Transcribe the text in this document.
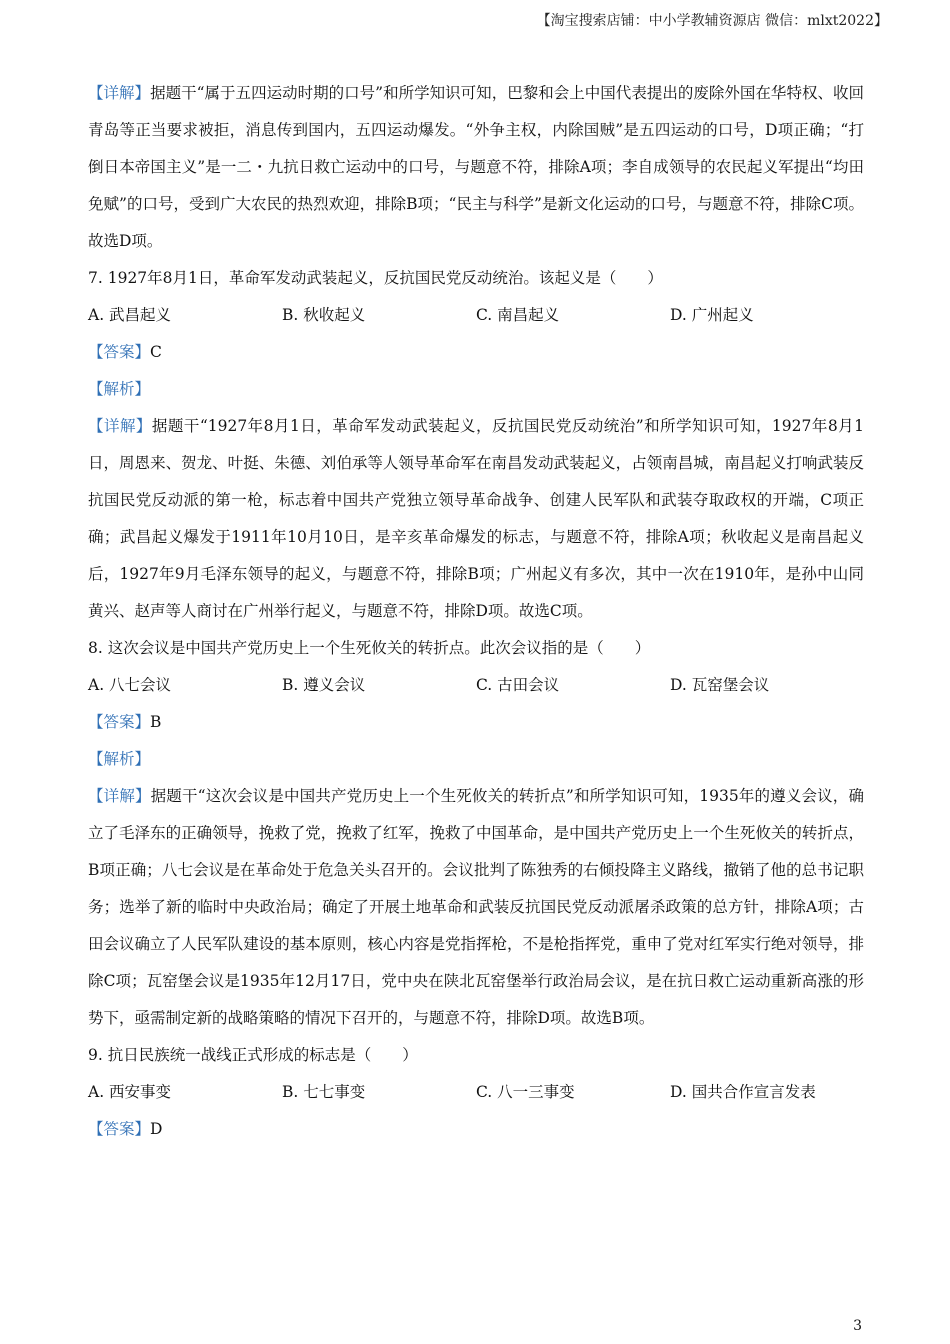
【淘宝搜索店铺：中小学教辅资源店 微信：mlxt2022】

【详解】据题干“属于五四运动时期的口号”和所学知识可知，巴黎和会上中国代表提出的废除外国在华特权、收回青岛等正当要求被拒，消息传到国内，五四运动爆发。“外争主权，内除国贼”是五四运动的口号，D项正确；“打倒日本帝国主义”是一二・九抗日救亡运动中的口号，与题意不符，排除A项；李自成领导的农民起义军提出“均田免赋”的口号，受到广大农民的热烈欢迎，排除B项；“民主与科学”是新文化运动的口号，与题意不符，排除C项。故选D项。

7. 1927年8月1日，革命军发动武装起义，反抗国民党反动统治。该起义是（　　）
A. 武昌起义	B. 秋收起义	C. 南昌起义	D. 广州起义
【答案】C
【解析】

【详解】据题干“1927年8月1日，革命军发动武装起义，反抗国民党反动统治”和所学知识可知，1927年8月1日，周恩来、贺龙、叶挺、朱德、刘伯承等人领导革命军在南昌发动武装起义，占领南昌城，南昌起义打响武装反抗国民党反动派的第一枪，标志着中国共产党独立领导革命战争、创建人民军队和武装夺取政权的开端，C项正确；武昌起义爆发于1911年10月10日，是辛亥革命爆发的标志，与题意不符，排除A项；秋收起义是南昌起义后，1927年9月毛泽东领导的起义，与题意不符，排除B项；广州起义有多次，其中一次在1910年，是孙中山同黄兴、赵声等人商讨在广州举行起义，与题意不符，排除D项。故选C项。

8. 这次会议是中国共产党历史上一个生死攸关的转折点。此次会议指的是（　　）
A. 八七会议	B. 遵义会议	C. 古田会议	D. 瓦窑堡会议
【答案】B
【解析】

【详解】据题干“这次会议是中国共产党历史上一个生死攸关的转折点”和所学知识可知，1935年的遵义会议，确立了毛泽东的正确领导，挽救了党，挽救了红军，挽救了中国革命，是中国共产党历史上一个生死攸关的转折点，B项正确；八七会议是在革命处于危急关头召开的。会议批判了陈独秀的右倾投降主义路线，撤销了他的总书记职务；选举了新的临时中央政治局；确定了开展土地革命和武装反抗国民党反动派屠杀政策的总方针，排除A项；古田会议确立了人民军队建设的基本原则，核心内容是党指挥枪，不是枪指挥党，重申了党对红军实行绝对领导，排除C项；瓦窑堡会议是1935年12月17日，党中央在陕北瓦窑堡举行政治局会议，是在抗日救亡运动重新高涨的形势下，亟需制定新的战略策略的情况下召开的，与题意不符，排除D项。故选B项。

9. 抗日民族统一战线正式形成的标志是（　　）
A. 西安事变	B. 七七事变	C. 八一三事变	D. 国共合作宣言发表
【答案】D
3
